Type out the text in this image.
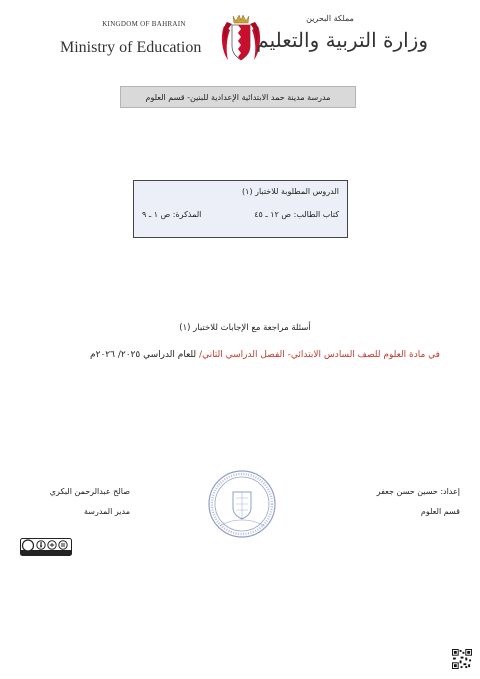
KINGDOM OF BAHRAIN
Ministry of Education
مملكة البحرين
وزارة التربية والتعليم
مدرسة مدينة حمد الابتدائية الإعدادية للبنين- قسم العلوم
الدروس المطلوبة للاختبار (١)
كتاب الطالب: ص ١٢ ـ ٤٥
المذكرة: ص ١ ـ ٩
أسئلة مراجعة مع الإجابات للاختبار (١)
في مادة العلوم للصف السادس الابتدائي- الفصل الدراسي الثاني/ للعام الدراسي ٢٠٢٥/ ٢٠٢٦م
إعداد: حسين حسن جعفر
قسم العلوم
صالح عبدالرحمن البكري
مدير المدرسة
